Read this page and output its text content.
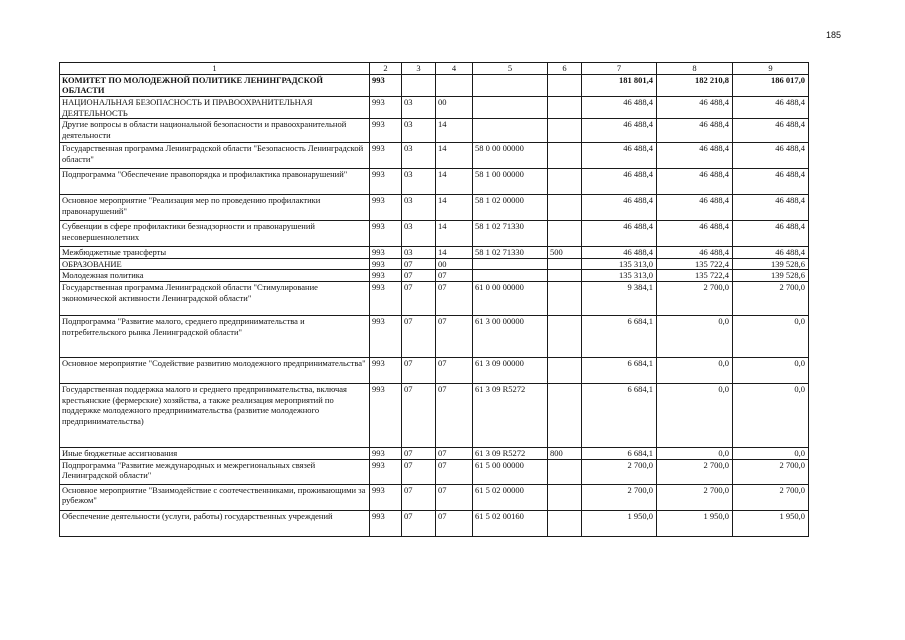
185
1	2	3	4	5	6	7	8	9
КОМИТЕТ ПО МОЛОДЕЖНОЙ ПОЛИТИКЕ ЛЕНИНГРАДСКОЙ ОБЛАСТИ	993					181 801,4	182 210,8	186 017,0
НАЦИОНАЛЬНАЯ БЕЗОПАСНОСТЬ И ПРАВООХРАНИТЕЛЬНАЯ ДЕЯТЕЛЬНОСТЬ	993	03	00			46 488,4	46 488,4	46 488,4
Другие вопросы в области национальной безопасности и правоохранительной деятельности	993	03	14			46 488,4	46 488,4	46 488,4
Государственная программа Ленинградской области "Безопасность Ленинградской области"	993	03	14	58 0 00 00000		46 488,4	46 488,4	46 488,4
Подпрограмма "Обеспечение правопорядка и профилактика правонарушений"	993	03	14	58 1 00 00000		46 488,4	46 488,4	46 488,4
Основное мероприятие "Реализация мер по проведению профилактики правонарушений"	993	03	14	58 1 02 00000		46 488,4	46 488,4	46 488,4
Субвенции в сфере профилактики безнадзорности и правонарушений несовершеннолетних	993	03	14	58 1 02 71330		46 488,4	46 488,4	46 488,4
Межбюджетные трансферты	993	03	14	58 1 02 71330	500	46 488,4	46 488,4	46 488,4
ОБРАЗОВАНИЕ	993	07	00			135 313,0	135 722,4	139 528,6
Молодежная политика	993	07	07			135 313,0	135 722,4	139 528,6
Государственная программа Ленинградской области "Стимулирование экономической активности Ленинградской области"	993	07	07	61 0 00 00000		9 384,1	2 700,0	2 700,0
Подпрограмма "Развитие малого, среднего предпринимательства и потребительского рынка Ленинградской области"	993	07	07	61 3 00 00000		6 684,1	0,0	0,0
Основное мероприятие "Содействие развитию молодежного предпринимательства"	993	07	07	61 3 09 00000		6 684,1	0,0	0,0
Государственная поддержка малого и среднего предпринимательства, включая крестьянские (фермерские) хозяйства, а также реализация мероприятий по поддержке молодежного предпринимательства (развитие молодежного предпринимательства)	993	07	07	61 3 09 R5272		6 684,1	0,0	0,0
Иные бюджетные ассигнования	993	07	07	61 3 09 R5272	800	6 684,1	0,0	0,0
Подпрограмма "Развитие международных и межрегиональных связей Ленинградской области"	993	07	07	61 5 00 00000		2 700,0	2 700,0	2 700,0
Основное мероприятие "Взаимодействие с соотечественниками, проживающими за рубежом"	993	07	07	61 5 02 00000		2 700,0	2 700,0	2 700,0
Обеспечение деятельности (услуги, работы) государственных учреждений	993	07	07	61 5 02 00160		1 950,0	1 950,0	1 950,0
